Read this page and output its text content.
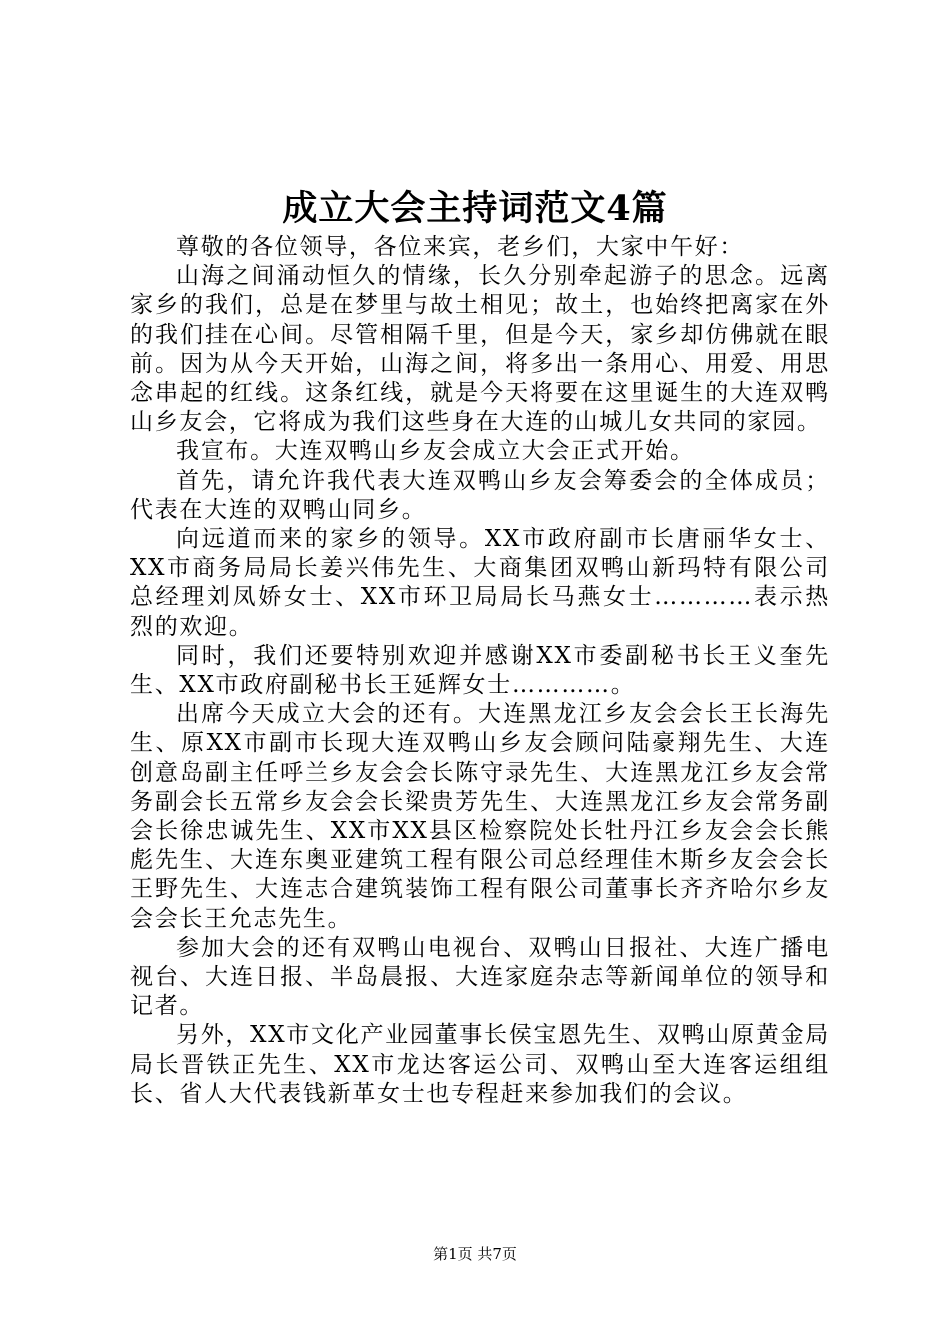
成立大会主持词范文4篇

尊敬的各位领导，各位来宾，老乡们，大家中午好：

山海之间涌动恒久的情缘，长久分别牵起游子的思念。远离家乡的我们，总是在梦里与故土相见；故土，也始终把离家在外的我们挂在心间。尽管相隔千里，但是今天，家乡却仿佛就在眼前。因为从今天开始，山海之间，将多出一条用心、用爱、用思念串起的红线。这条红线，就是今天将要在这里诞生的大连双鸭山乡友会，它将成为我们这些身在大连的山城儿女共同的家园。

我宣布。大连双鸭山乡友会成立大会正式开始。

首先，请允许我代表大连双鸭山乡友会筹委会的全体成员；代表在大连的双鸭山同乡。

向远道而来的家乡的领导。XX市政府副市长唐丽华女士、XX市商务局局长姜兴伟先生、大商集团双鸭山新玛特有限公司总经理刘凤娇女士、XX市环卫局局长马燕女士…………表示热烈的欢迎。

同时，我们还要特别欢迎并感谢XX市委副秘书长王义奎先生、XX市政府副秘书长王延辉女士…………。

出席今天成立大会的还有。大连黑龙江乡友会会长王长海先生、原XX市副市长现大连双鸭山乡友会顾问陆豪翔先生、大连创意岛副主任呼兰乡友会会长陈守录先生、大连黑龙江乡友会常务副会长五常乡友会会长梁贵芳先生、大连黑龙江乡友会常务副会长徐忠诚先生、XX市XX县区检察院处长牡丹江乡友会会长熊彪先生、大连东奥亚建筑工程有限公司总经理佳木斯乡友会会长王野先生、大连志合建筑装饰工程有限公司董事长齐齐哈尔乡友会会长王允志先生。

参加大会的还有双鸭山电视台、双鸭山日报社、大连广播电视台、大连日报、半岛晨报、大连家庭杂志等新闻单位的领导和记者。

另外，XX市文化产业园董事长侯宝恩先生、双鸭山原黄金局局长晋铁正先生、XX市龙达客运公司、双鸭山至大连客运组组长、省人大代表钱新革女士也专程赶来参加我们的会议。

第1页 共7页
